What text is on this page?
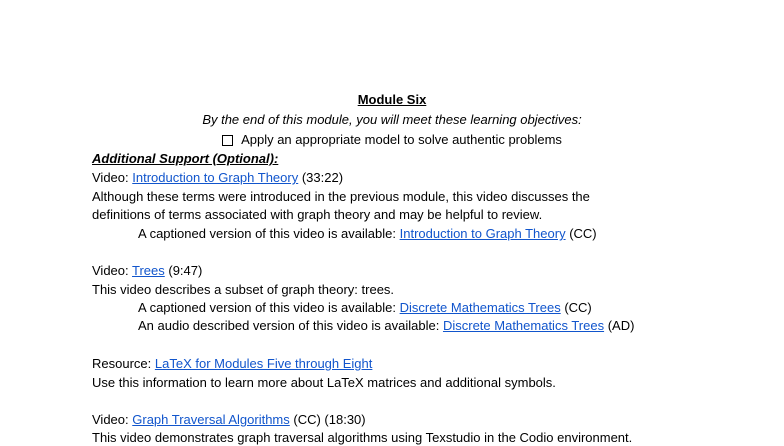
Module Six
By the end of this module, you will meet these learning objectives:
Apply an appropriate model to solve authentic problems
Additional Support (Optional):
Video: Introduction to Graph Theory (33:22)
Although these terms were introduced in the previous module, this video discusses the
definitions of terms associated with graph theory and may be helpful to review.
A captioned version of this video is available: Introduction to Graph Theory (CC)
Video: Trees (9:47)
This video describes a subset of graph theory: trees.
A captioned version of this video is available: Discrete Mathematics Trees (CC)
An audio described version of this video is available: Discrete Mathematics Trees (AD)
Resource: LaTeX for Modules Five through Eight
Use this information to learn more about LaTeX matrices and additional symbols.
Video: Graph Traversal Algorithms (CC) (18:30)
This video demonstrates graph traversal algorithms using Texstudio in the Codio environment.
